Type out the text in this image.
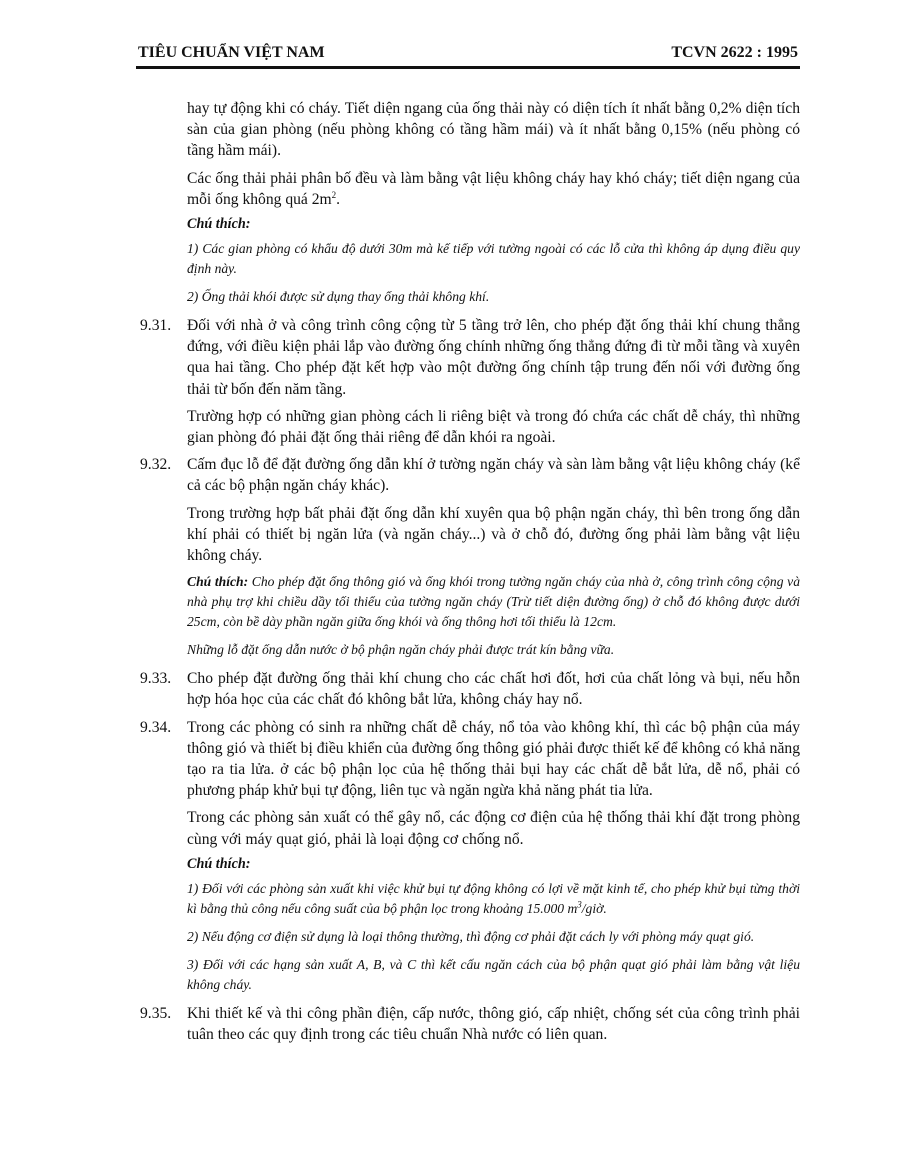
TIÊU CHUẨN VIỆT NAM	TCVN 2622 : 1995

hay tự động khi có cháy. Tiết diện ngang của ống thải này có diện tích ít nhất bằng 0,2% diện tích sàn của gian phòng (nếu phòng không có tầng hầm mái) và ít nhất bằng 0,15% (nếu phòng có tầng hầm mái).

Các ống thải phải phân bố đều và làm bằng vật liệu không cháy hay khó cháy; tiết diện ngang của mỗi ống không quá $2m^2$.

Chú thích:

1) Các gian phòng có khẩu độ dưới 30m mà kế tiếp với tường ngoài có các lỗ cửa thì không áp dụng điều quy định này.

2) Ống thải khói được sử dụng thay ống thải không khí.

9.31.	Đối với nhà ở và công trình công cộng từ 5 tầng trở lên, cho phép đặt ống thải khí chung thẳng đứng, với điều kiện phải lắp vào đường ống chính những ống thẳng đứng đi từ mỗi tầng và xuyên qua hai tầng. Cho phép đặt kết hợp vào một đường ống chính tập trung đến nối với đường ống thải từ bốn đến năm tầng.

Trường hợp có những gian phòng cách li riêng biệt và trong đó chứa các chất dễ cháy, thì những gian phòng đó phải đặt ống thải riêng để dẫn khói ra ngoài.

9.32.	Cấm đục lỗ để đặt đường ống dẫn khí ở tường ngăn cháy và sàn làm bằng vật liệu không cháy (kể cả các bộ phận ngăn cháy khác).

Trong trường hợp bất phải đặt ống dẫn khí xuyên qua bộ phận ngăn cháy, thì bên trong ống dẫn khí phải có thiết bị ngăn lửa (và ngăn cháy...) và ở chỗ đó, đường ống phải làm bằng vật liệu không cháy.

Chú thích: Cho phép đặt ống thông gió và ống khói trong tường ngăn cháy của nhà ở, công trình công cộng và nhà phụ trợ khi chiều dầy tối thiểu của tường ngăn cháy (Trừ tiết diện đường ống) ở chỗ đó không được dưới 25cm, còn bề dày phần ngăn giữa ống khói và ống thông hơi tối thiểu là 12cm.

Những lỗ đặt ống dẫn nước ở bộ phận ngăn cháy phải được trát kín bằng vữa.

9.33.	Cho phép đặt đường ống thải khí chung cho các chất hơi đốt, hơi của chất lỏng và bụi, nếu hỗn hợp hóa học của các chất đó không bắt lửa, không cháy hay nổ.

9.34.	Trong các phòng có sinh ra những chất dễ cháy, nổ tỏa vào không khí, thì các bộ phận của máy thông gió và thiết bị điều khiển của đường ống thông gió phải được thiết kế để không có khả năng tạo ra tia lửa. ở các bộ phận lọc của hệ thống thải bụi hay các chất dễ bắt lửa, dễ nổ, phải có phương pháp khử bụi tự động, liên tục và ngăn ngừa khả năng phát tia lửa.

Trong các phòng sản xuất có thể gây nổ, các động cơ điện của hệ thống thải khí đặt trong phòng cùng với máy quạt gió, phải là loại động cơ chống nổ.

Chú thích:

1) Đối với các phòng sản xuất khi việc khử bụi tự động không có lợi về mặt kinh tế, cho phép khử bụi từng thời kì bằng thủ công nếu công suất của bộ phận lọc trong khoảng 15.000 $m^3$/giờ.

2) Nếu động cơ điện sử dụng là loại thông thường, thì động cơ phải đặt cách ly với phòng máy quạt gió.

3) Đối với các hạng sản xuất A, B, và C thì kết cấu ngăn cách của bộ phận quạt gió phải làm bằng vật liệu không cháy.

9.35.	Khi thiết kế và thi công phần điện, cấp nước, thông gió, cấp nhiệt, chống sét của công trình phải tuân theo các quy định trong các tiêu chuẩn Nhà nước có liên quan.
